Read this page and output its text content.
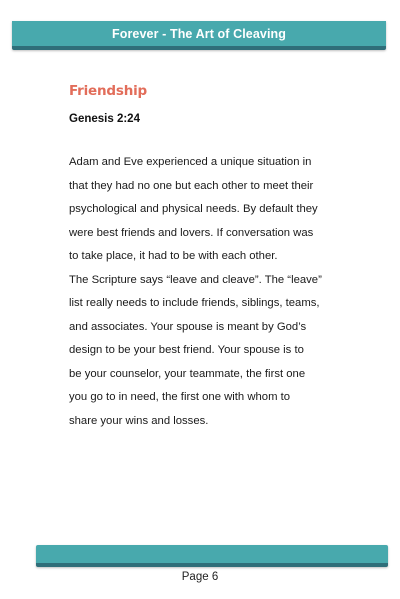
Forever - The Art of Cleaving
Friendship
Genesis 2:24
Adam and Eve experienced a unique situation in
that they had no one but each other to meet their
psychological and physical needs. By default they
were best friends and lovers. If conversation was
to take place, it had to be with each other.
The Scripture says “leave and cleave”. The “leave”
list really needs to include friends, siblings, teams,
and associates. Your spouse is meant by God’s
design to be your best friend. Your spouse is to
be your counselor, your teammate, the first one
you go to in need, the first one with whom to
share your wins and losses.
Page 6
